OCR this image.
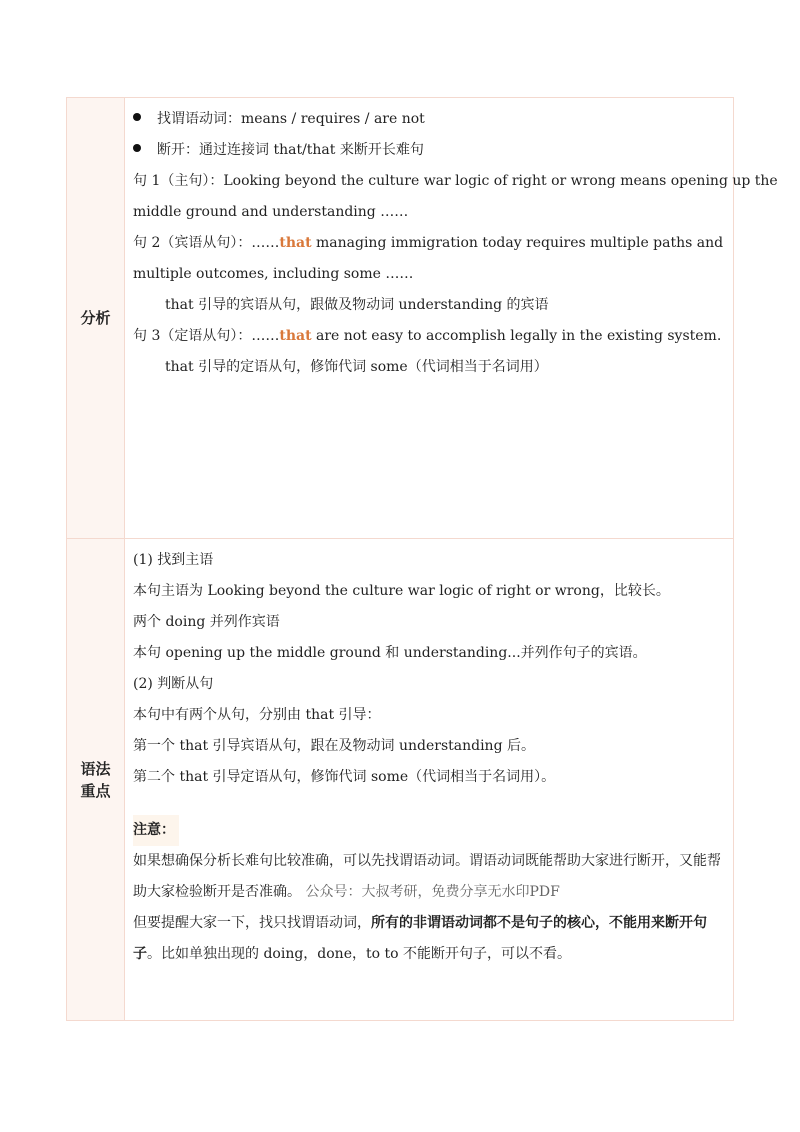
分析
找谓语动词：means / requires / are not
断开：通过连接词 that/that 来断开长难句
句 1（主句）：Looking beyond the culture war logic of right or wrong means opening up the
middle ground and understanding ……
句 2（宾语从句）：……that managing immigration today requires multiple paths and
multiple outcomes, including some ……
that 引导的宾语从句，跟做及物动词 understanding 的宾语
句 3（定语从句）：……that are not easy to accomplish legally in the existing system.
that 引导的定语从句，修饰代词 some（代词相当于名词用）
语法
重点
(1) 找到主语
本句主语为 Looking beyond the culture war logic of right or wrong，比较长。
两个 doing 并列作宾语
本句 opening up the middle ground 和 understanding...并列作句子的宾语。
(2) 判断从句
本句中有两个从句，分别由 that 引导：
第一个 that 引导宾语从句，跟在及物动词 understanding 后。
第二个 that 引导定语从句，修饰代词 some（代词相当于名词用）。
注意：
如果想确保分析长难句比较准确，可以先找谓语动词。谓语动词既能帮助大家进行断开，又能帮助大家检验断开是否准确。 公众号：大叔考研，免费分享无水印PDF
但要提醒大家一下，找只找谓语动词，所有的非谓语动词都不是句子的核心，不能用来断开句子。比如单独出现的 doing，done，to to 不能断开句子，可以不看。
